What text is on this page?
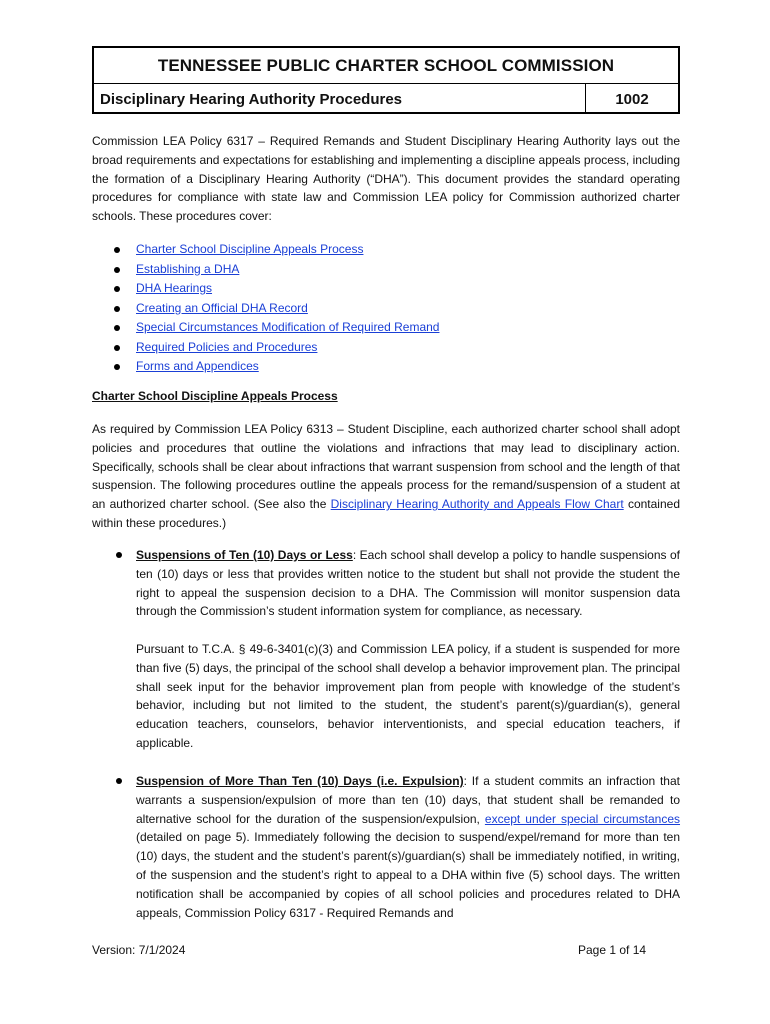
TENNESSEE PUBLIC CHARTER SCHOOL COMMISSION
Disciplinary Hearing Authority Procedures	1002

Commission LEA Policy 6317 – Required Remands and Student Disciplinary Hearing Authority lays out the broad requirements and expectations for establishing and implementing a discipline appeals process, including the formation of a Disciplinary Hearing Authority (“DHA”). This document provides the standard operating procedures for compliance with state law and Commission LEA policy for Commission authorized charter schools. These procedures cover:

Charter School Discipline Appeals Process
Establishing a DHA
DHA Hearings
Creating an Official DHA Record
Special Circumstances Modification of Required Remand
Required Policies and Procedures
Forms and Appendices
Charter School Discipline Appeals Process

As required by Commission LEA Policy 6313 – Student Discipline, each authorized charter school shall adopt policies and procedures that outline the violations and infractions that may lead to disciplinary action. Specifically, schools shall be clear about infractions that warrant suspension from school and the length of that suspension. The following procedures outline the appeals process for the remand/suspension of a student at an authorized charter school. (See also the Disciplinary Hearing Authority and Appeals Flow Chart contained within these procedures.)

Suspensions of Ten (10) Days or Less: Each school shall develop a policy to handle suspensions of ten (10) days or less that provides written notice to the student but shall not provide the student the right to appeal the suspension decision to a DHA. The Commission will monitor suspension data through the Commission’s student information system for compliance, as necessary.

Pursuant to T.C.A. § 49-6-3401(c)(3) and Commission LEA policy, if a student is suspended for more than five (5) days, the principal of the school shall develop a behavior improvement plan. The principal shall seek input for the behavior improvement plan from people with knowledge of the student’s behavior, including but not limited to the student, the student’s parent(s)/guardian(s), general education teachers, counselors, behavior interventionists, and special education teachers, if applicable.

Suspension of More Than Ten (10) Days (i.e. Expulsion): If a student commits an infraction that warrants a suspension/expulsion of more than ten (10) days, that student shall be remanded to alternative school for the duration of the suspension/expulsion, except under special circumstances (detailed on page 5). Immediately following the decision to suspend/expel/remand for more than ten (10) days, the student and the student’s parent(s)/guardian(s) shall be immediately notified, in writing, of the suspension and the student’s right to appeal to a DHA within five (5) school days. The written notification shall be accompanied by copies of all school policies and procedures related to DHA appeals, Commission Policy 6317 - Required Remands and

Version: 7/1/2024	Page 1 of 14
